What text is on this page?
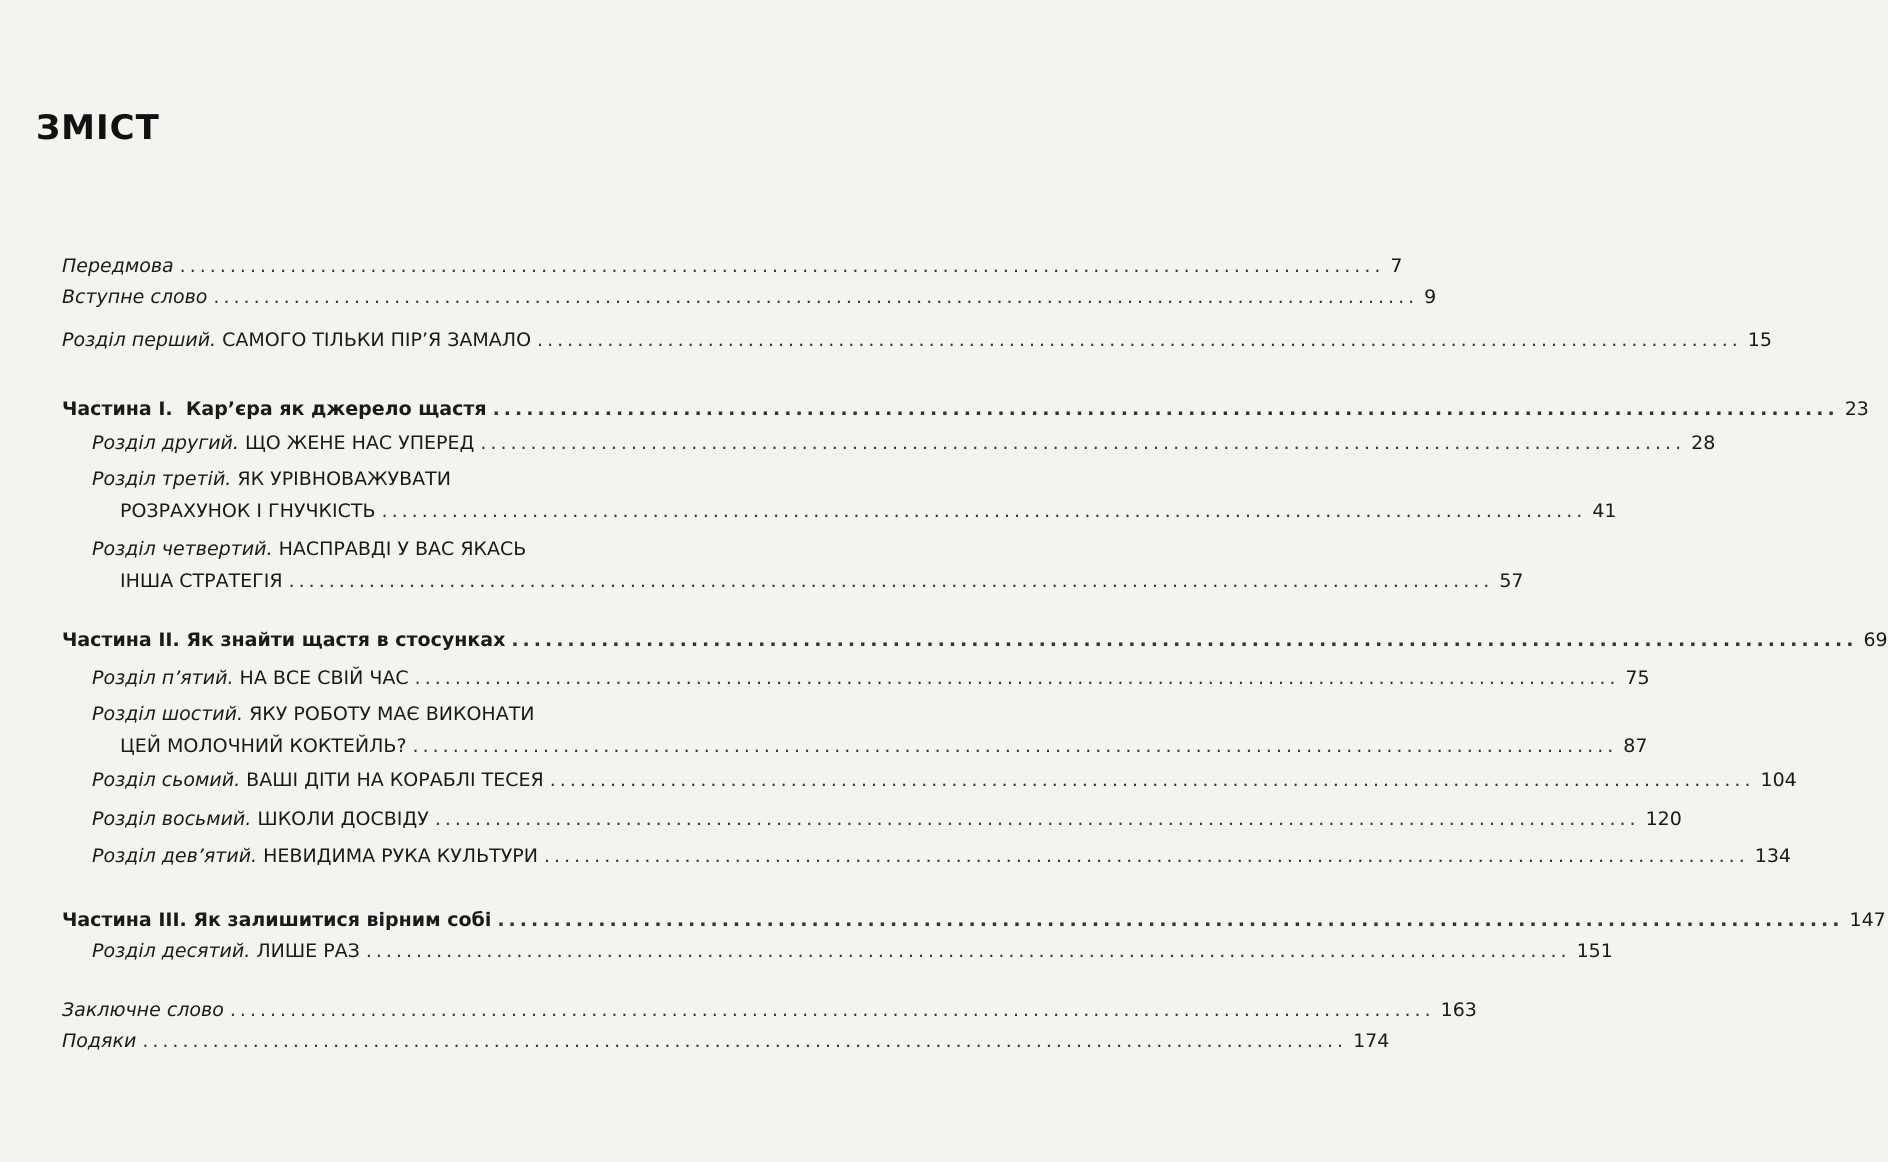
ЗМІСТ
Передмова ........................................................................................................................ 7
Вступне слово ........................................................................................................................ 9
Розділ перший.
САМОГО ТІЛЬКИ ПІР’Я ЗАМАЛО ........................................................................................................................ 15
Частина І.
Кар’єра як джерело щастя ........................................................................................................................ 23
Розділ другий.
ЩО ЖЕНЕ НАС УПЕРЕД ........................................................................................................................ 28
Розділ третій.
ЯК УРІВНОВАЖУВАТИ
РОЗРАХУНОК І ГНУЧКІСТЬ ........................................................................................................................ 41
Розділ четвертий.
НАСПРАВДІ У ВАС ЯКАСЬ
ІНША СТРАТЕГІЯ ........................................................................................................................ 57
Частина ІІ.
Як знайти щастя в стосунках ........................................................................................................................ 69
Розділ п’ятий.
НА ВСЕ СВІЙ ЧАС ........................................................................................................................ 75
Розділ шостий.
ЯКУ РОБОТУ МАЄ ВИКОНАТИ
ЦЕЙ МОЛОЧНИЙ КОКТЕЙЛЬ? ........................................................................................................................ 87
Розділ сьомий.
ВАШІ ДІТИ НА КОРАБЛІ ТЕСЕЯ ........................................................................................................................ 104
Розділ восьмий.
ШКОЛИ ДОСВІДУ ........................................................................................................................ 120
Розділ дев’ятий.
НЕВИДИМА РУКА КУЛЬТУРИ ........................................................................................................................ 134
Частина ІІІ.
Як залишитися вірним собі ........................................................................................................................ 147
Розділ десятий.
ЛИШЕ РАЗ ........................................................................................................................ 151
Заключне слово ........................................................................................................................ 163
Подяки ........................................................................................................................ 174
